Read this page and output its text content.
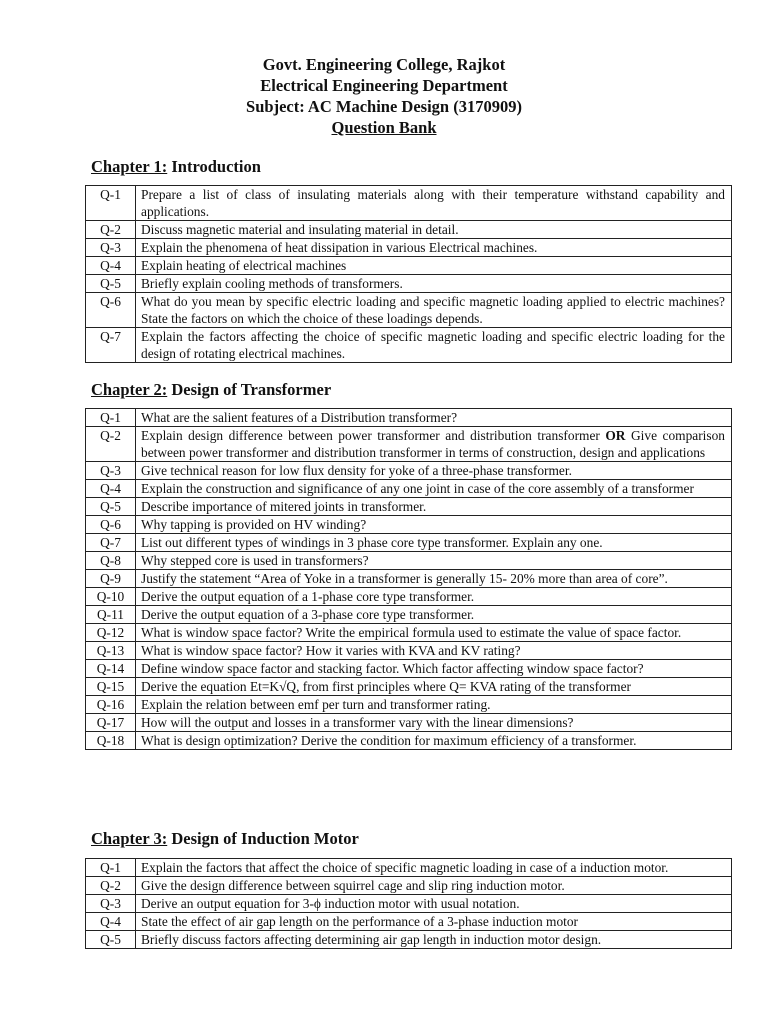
Govt. Engineering College, Rajkot
Electrical Engineering Department
Subject: AC Machine Design (3170909)
Question Bank
Chapter 1: Introduction
Q-1	Prepare a list of class of insulating materials along with their temperature withstand capability and applications.
Q-2	Discuss magnetic material and insulating material in detail.
Q-3	Explain the phenomena of heat dissipation in various Electrical machines.
Q-4	Explain heating of electrical machines
Q-5	Briefly explain cooling methods of transformers.
Q-6	What do you mean by specific electric loading and specific magnetic loading applied to electric machines? State the factors on which the choice of these loadings depends.
Q-7	Explain the factors affecting the choice of specific magnetic loading and specific electric loading for the design of rotating electrical machines.
Chapter 2: Design of Transformer
Q-1	What are the salient features of a Distribution transformer?
Q-2	Explain design difference between power transformer and distribution transformer OR Give comparison between power transformer and distribution transformer in terms of construction, design and applications
Q-3	Give technical reason for low flux density for yoke of a three-phase transformer.
Q-4	Explain the construction and significance of any one joint in case of the core assembly of a transformer
Q-5	Describe importance of mitered joints in transformer.
Q-6	Why tapping is provided on HV winding?
Q-7	List out different types of windings in 3 phase core type transformer. Explain any one.
Q-8	Why stepped core is used in transformers?
Q-9	Justify the statement “Area of Yoke in a transformer is generally 15- 20% more than area of core”.
Q-10	Derive the output equation of a 1-phase core type transformer.
Q-11	Derive the output equation of a 3-phase core type transformer.
Q-12	What is window space factor? Write the empirical formula used to estimate the value of space factor.
Q-13	What is window space factor? How it varies with KVA and KV rating?
Q-14	Define window space factor and stacking factor. Which factor affecting window space factor?
Q-15	Derive the equation Et=K√Q, from first principles where Q= KVA rating of the transformer
Q-16	Explain the relation between emf per turn and transformer rating.
Q-17	How will the output and losses in a transformer vary with the linear dimensions?
Q-18	What is design optimization? Derive the condition for maximum efficiency of a transformer.
Chapter 3: Design of Induction Motor
Q-1	Explain the factors that affect the choice of specific magnetic loading in case of a induction motor.
Q-2	Give the design difference between squirrel cage and slip ring induction motor.
Q-3	Derive an output equation for 3-ϕ induction motor with usual notation.
Q-4	State the effect of air gap length on the performance of a 3-phase induction motor
Q-5	Briefly discuss factors affecting determining air gap length in induction motor design.
